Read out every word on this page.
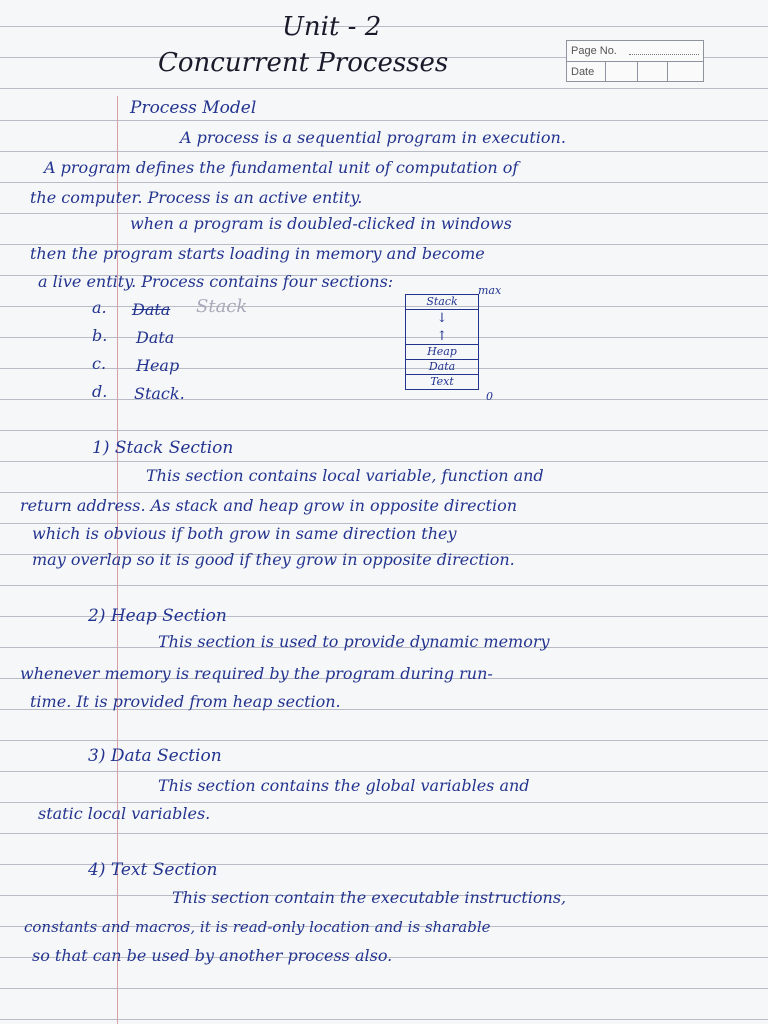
Unit - 2
Concurrent Processes	Page No.
Date
Process Model
A process is a sequential program in execution.
A program defines the fundamental unit of computation of
the computer. Process is an active entity.
when a program is doubled-clicked in windows
then the program starts loading in memory and become
a live entity. Process contains four sections:	max
a. Data Stack
b. Data
c. Heap
d. Stack.
Stack
↓
↑
Heap
Data
Text
0
1) Stack Section
This section contains local variable, function and
return address. As stack and heap grow in opposite direction
which is obvious if both grow in same direction they
may overlap so it is good if they grow in opposite direction.
2) Heap Section
This section is used to provide dynamic memory
whenever memory is required by the program during run-
time. It is provided from heap section.
3) Data Section
This section contains the global variables and
static local variables.
4) Text Section
This section contain the executable instructions,
constants and macros, it is read-only location and is sharable
so that can be used by another process also.
